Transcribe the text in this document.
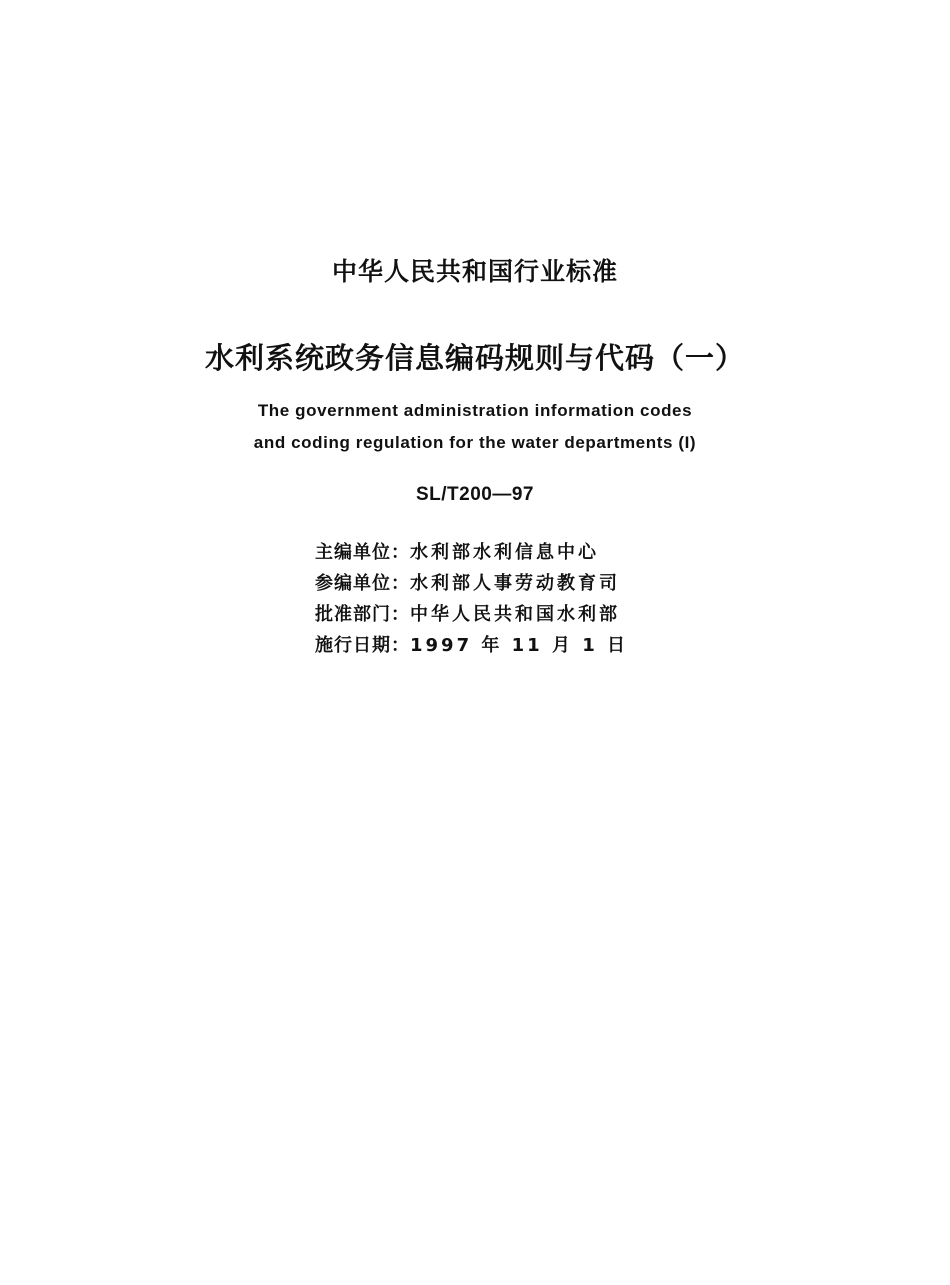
中华人民共和国行业标准
水利系统政务信息编码规则与代码（一）
The government administration information codes
and coding regulation for the water departments (I)
SL/T200—97
主编单位：水利部水利信息中心
参编单位：水利部人事劳动教育司
批准部门：中华人民共和国水利部
施行日期：1997 年 11 月 1 日
